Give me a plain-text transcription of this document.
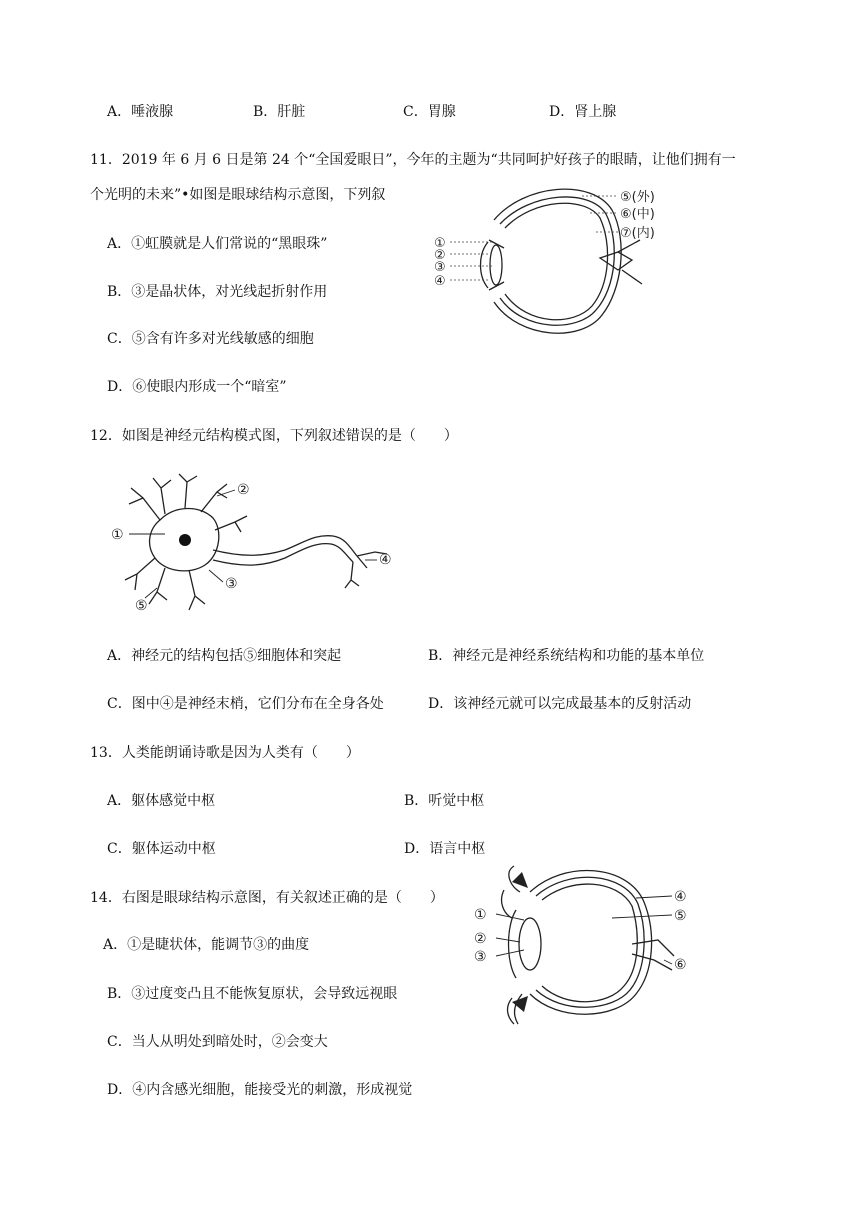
A．唾液腺	B．肝脏	C．胃腺	D．肾上腺
11．2019 年 6 月 6 日是第 24 个“全国爱眼日”，今年的主题为“共同呵护好孩子的眼睛，让他们拥有一
个光明的未来”•如图是眼球结构示意图，下列叙
A．①虹膜就是人们常说的“黑眼珠”
B．③是晶状体，对光线起折射作用
C．⑤含有许多对光线敏感的细胞
D．⑥使眼内形成一个“暗室”
①
②
③
④
⑤(外)
⑥(中)
⑦(内)
12．如图是神经元结构模式图，下列叙述错误的是（　　）
①
②
③
④
⑤
A．神经元的结构包括⑤细胞体和突起	B．神经元是神经系统结构和功能的基本单位
C．图中④是神经末梢，它们分布在全身各处	D．该神经元就可以完成最基本的反射活动
13．人类能朗诵诗歌是因为人类有（　　）
A．躯体感觉中枢	B．听觉中枢
C．躯体运动中枢	D．语言中枢
14．右图是眼球结构示意图，有关叙述正确的是（　　）
A．①是睫状体，能调节③的曲度
B．③过度变凸且不能恢复原状，会导致远视眼
C．当人从明处到暗处时，②会变大
D．④内含感光细胞，能接受光的刺激，形成视觉
①
②
③
④
⑤
⑥
